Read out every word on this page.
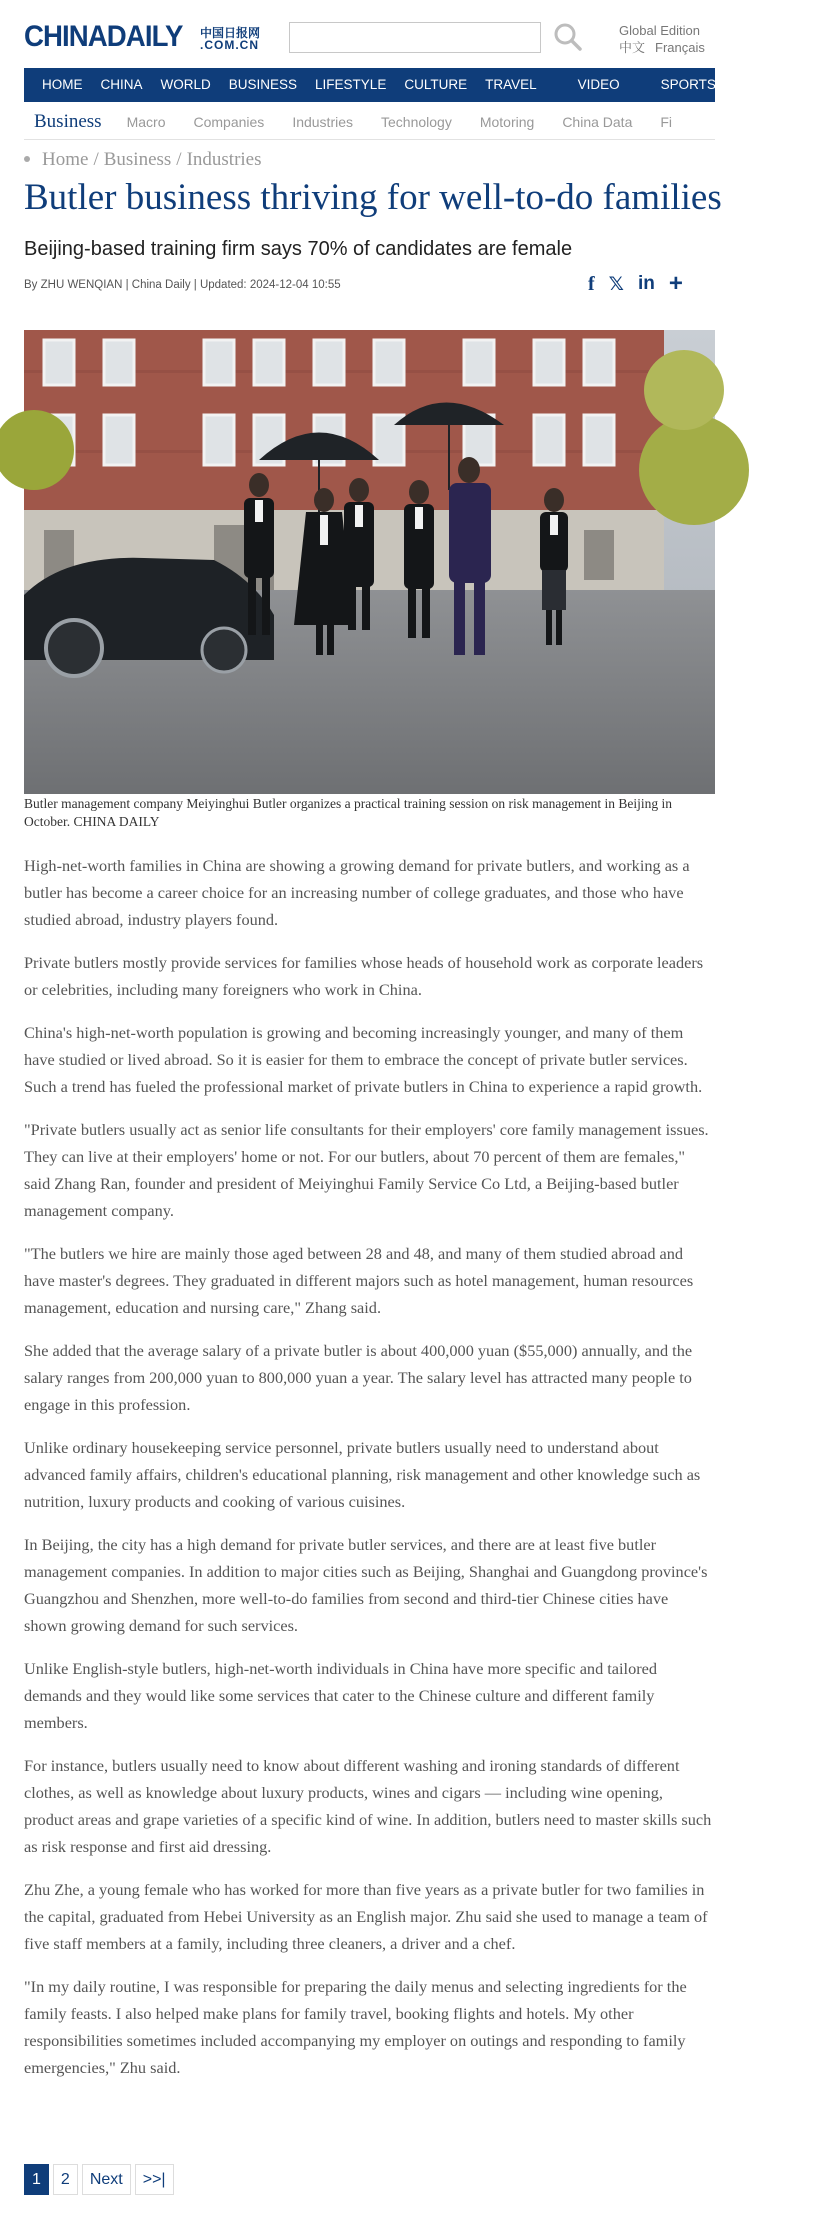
CHINADAILY 中国日报网
.COM.CN
Global Edition
中文 Français
HOME	CHINA	WORLD	BUSINESS	LIFESTYLE	CULTURE	TRAVEL	VIDEO	SPORTS	OPINION	R
Business	Macro	Companies	Industries	Technology	Motoring	China Data	Fi
Home / Business / Industries
Butler business thriving for well-to-do families
Beijing-based training firm says 70% of candidates are female
By ZHU WENQIAN | China Daily | Updated: 2024-12-04 10:55	f 𝕏 in +
Butler management company Meiyinghui Butler organizes a practical training session on risk management in Beijing in October. CHINA DAILY

High-net-worth families in China are showing a growing demand for private butlers, and working as a butler has become a career choice for an increasing number of college graduates, and those who have studied abroad, industry players found.

Private butlers mostly provide services for families whose heads of household work as corporate leaders or celebrities, including many foreigners who work in China.

China's high-net-worth population is growing and becoming increasingly younger, and many of them have studied or lived abroad. So it is easier for them to embrace the concept of private butler services. Such a trend has fueled the professional market of private butlers in China to experience a rapid growth.

"Private butlers usually act as senior life consultants for their employers' core family management issues. They can live at their employers' home or not. For our butlers, about 70 percent of them are females," said Zhang Ran, founder and president of Meiyinghui Family Service Co Ltd, a Beijing-based butler management company.

"The butlers we hire are mainly those aged between 28 and 48, and many of them studied abroad and have master's degrees. They graduated in different majors such as hotel management, human resources management, education and nursing care," Zhang said.

She added that the average salary of a private butler is about 400,000 yuan ($55,000) annually, and the salary ranges from 200,000 yuan to 800,000 yuan a year. The salary level has attracted many people to engage in this profession.

Unlike ordinary housekeeping service personnel, private butlers usually need to understand about advanced family affairs, children's educational planning, risk management and other knowledge such as nutrition, luxury products and cooking of various cuisines.

In Beijing, the city has a high demand for private butler services, and there are at least five butler management companies. In addition to major cities such as Beijing, Shanghai and Guangdong province's Guangzhou and Shenzhen, more well-to-do families from second and third-tier Chinese cities have shown growing demand for such services.

Unlike English-style butlers, high-net-worth individuals in China have more specific and tailored demands and they would like some services that cater to the Chinese culture and different family members.

For instance, butlers usually need to know about different washing and ironing standards of different clothes, as well as knowledge about luxury products, wines and cigars — including wine opening, product areas and grape varieties of a specific kind of wine. In addition, butlers need to master skills such as risk response and first aid dressing.

Zhu Zhe, a young female who has worked for more than five years as a private butler for two families in the capital, graduated from Hebei University as an English major. Zhu said she used to manage a team of five staff members at a family, including three cleaners, a driver and a chef.

"In my daily routine, I was responsible for preparing the daily menus and selecting ingredients for the family feasts. I also helped make plans for family travel, booking flights and hotels. My other responsibilities sometimes included accompanying my employer on outings and responding to family emergencies," Zhu said.

1	2	Next	>>|
